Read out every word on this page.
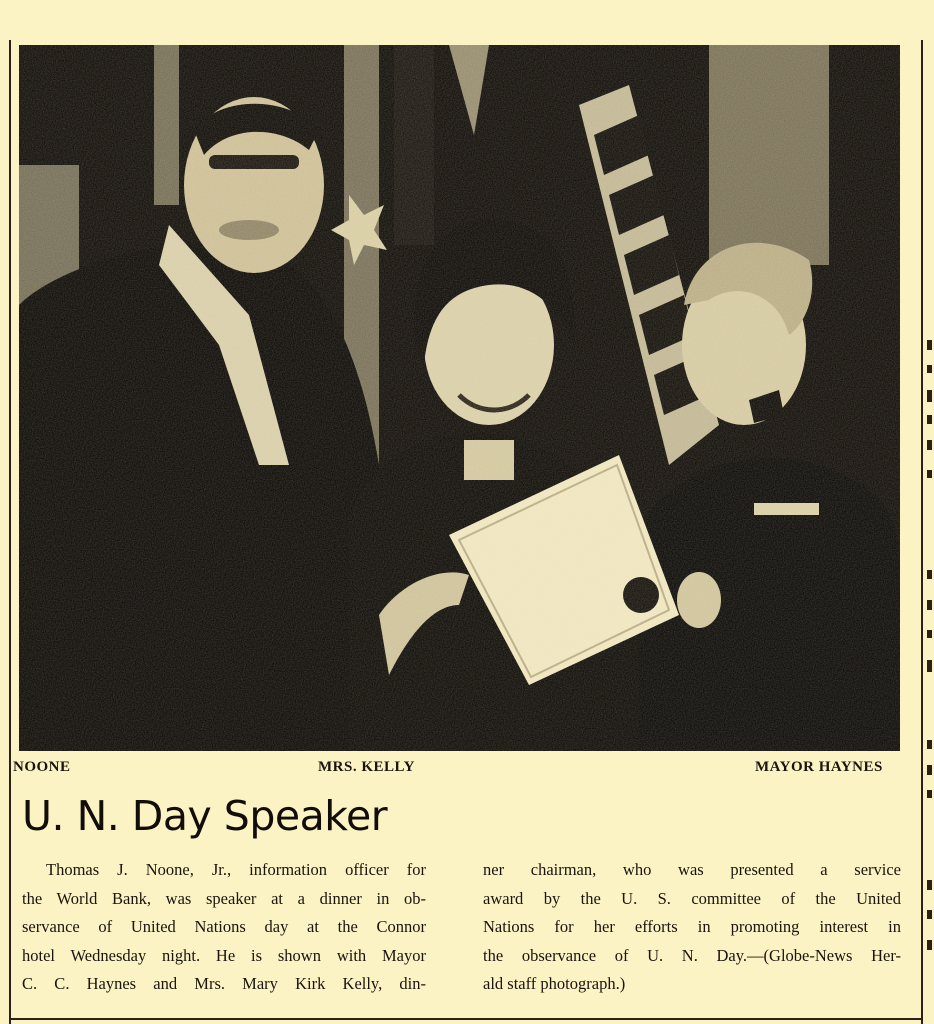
NOONE	MRS. KELLY	MAYOR HAYNES
U. N. Day Speaker
Thomas J. Noone, Jr., information officer for
the World Bank, was speaker at a dinner in ob-
servance of United Nations day at the Connor
hotel Wednesday night. He is shown with Mayor
C. C. Haynes and Mrs. Mary Kirk Kelly, din-
ner chairman, who was presented a service
award by the U. S. committee of the United
Nations for her efforts in promoting interest in
the observance of U. N. Day.—(Globe-News Her-
ald staff photograph.)
